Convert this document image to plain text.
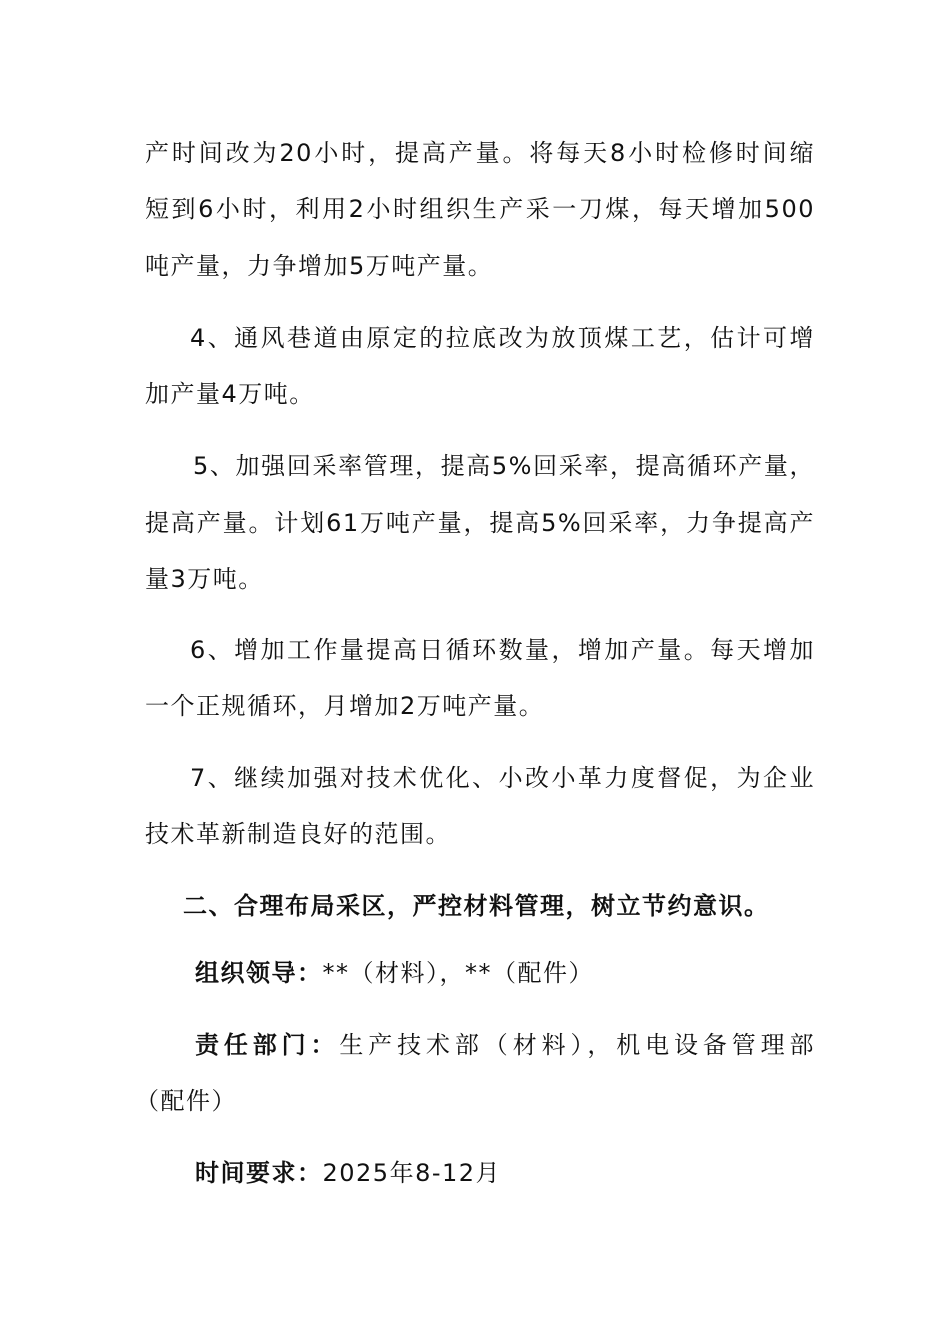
产时间改为20小时，提高产量。将每天8小时检修时间缩
短到6小时，利用2小时组织生产采一刀煤，每天增加500
吨产量，力争增加5万吨产量。
4、通风巷道由原定的拉底改为放顶煤工艺，估计可增
加产量4万吨。
5、加强回采率管理，提高5%回采率，提高循环产量，
提高产量。计划61万吨产量，提高5%回采率，力争提高产
量3万吨。
6、增加工作量提高日循环数量，增加产量。每天增加
一个正规循环，月增加2万吨产量。
7、继续加强对技术优化、小改小革力度督促，为企业
技术革新制造良好的范围。
二、合理布局采区，严控材料管理，树立节约意识。
组织领导：**（材料），**（配件）
责任部门：生产技术部（材料），机电设备管理部
（配件）
时间要求：2025年8-12月
